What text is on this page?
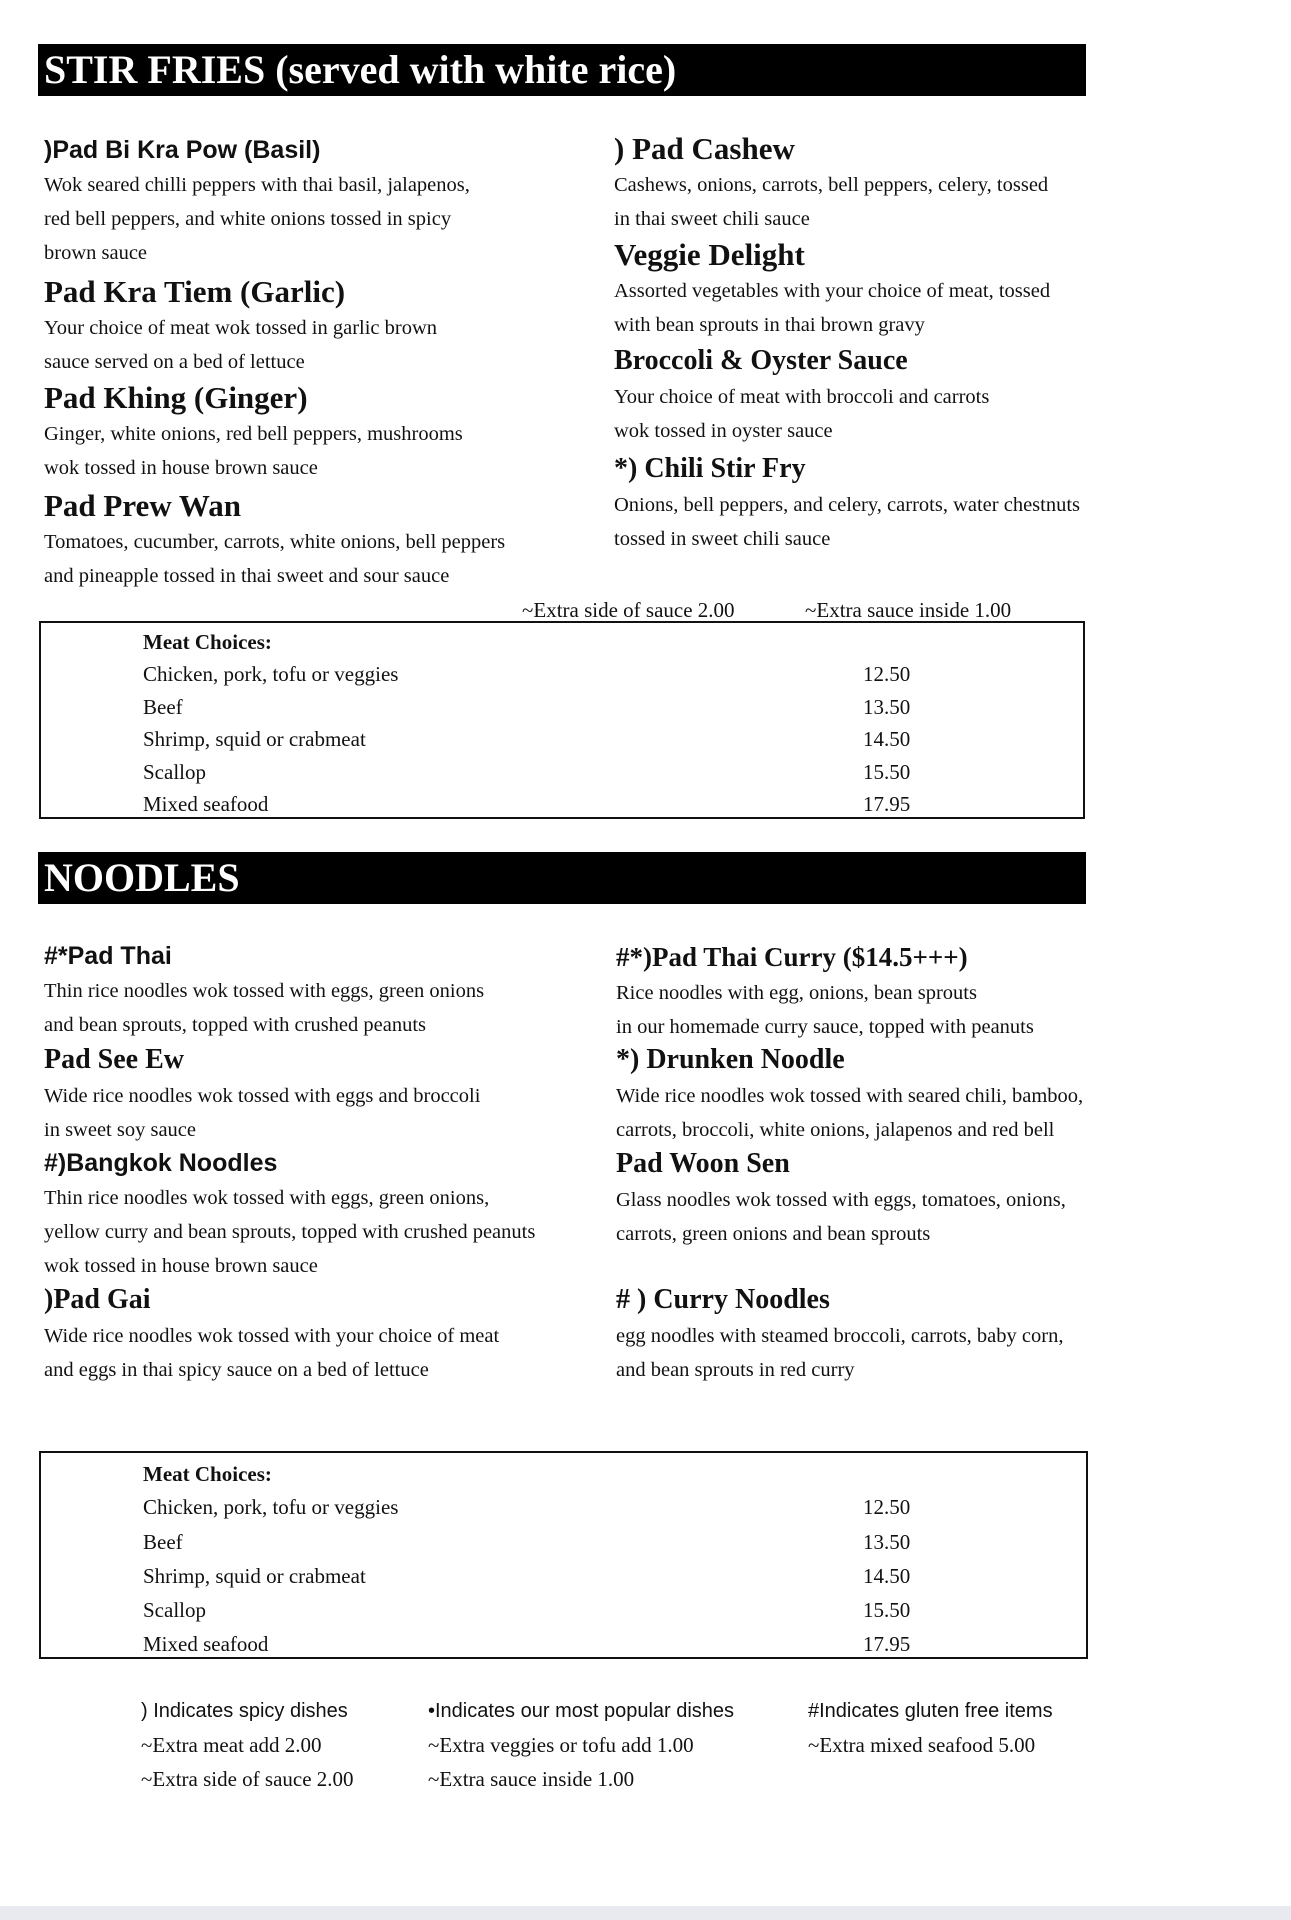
STIR FRIES (served with white rice)
)Pad Bi Kra Pow (Basil)
Wok seared chilli peppers with thai basil, jalapenos,
red bell peppers, and white onions tossed in spicy
brown sauce
Pad Kra Tiem (Garlic)
Your choice of meat wok tossed in garlic brown
sauce served on a bed of lettuce
Pad Khing (Ginger)
Ginger, white onions, red bell peppers, mushrooms
wok tossed in house brown sauce
Pad Prew Wan
Tomatoes, cucumber, carrots, white onions, bell peppers
and pineapple tossed in thai sweet and sour sauce
) Pad Cashew
Cashews, onions, carrots, bell peppers, celery, tossed
in thai sweet chili sauce
Veggie Delight
Assorted vegetables with your choice of meat, tossed
with bean sprouts in thai brown gravy
Broccoli & Oyster Sauce
Your choice of meat with broccoli and carrots
wok tossed in oyster sauce
*) Chili Stir Fry
Onions, bell peppers, and celery, carrots, water chestnuts
tossed in sweet chili sauce
~Extra side of sauce 2.00	~Extra sauce inside 1.00
Meat Choices:
Chicken, pork, tofu or veggies	12.50
Beef	13.50
Shrimp, squid or crabmeat	14.50
Scallop	15.50
Mixed seafood	17.95
NOODLES
#*Pad Thai
Thin rice noodles wok tossed with eggs, green onions
and bean sprouts, topped with crushed peanuts
Pad See Ew
Wide rice noodles wok tossed with eggs and broccoli
in sweet soy sauce
#)Bangkok Noodles
Thin rice noodles wok tossed with eggs, green onions,
yellow curry and bean sprouts, topped with crushed peanuts
wok tossed in house brown sauce
)Pad Gai
Wide rice noodles wok tossed with your choice of meat
and eggs in thai spicy sauce on a bed of lettuce
#*)Pad Thai Curry ($14.5+++)
Rice noodles with egg, onions, bean sprouts
in our homemade curry sauce, topped with peanuts
*) Drunken Noodle
Wide rice noodles wok tossed with seared chili, bamboo,
carrots, broccoli, white onions, jalapenos and red bell
Pad Woon Sen
Glass noodles wok tossed with eggs, tomatoes, onions,
carrots, green onions and bean sprouts
# ) Curry Noodles
egg noodles with steamed broccoli, carrots, baby corn,
and bean sprouts in red curry
Meat Choices:
Chicken, pork, tofu or veggies	12.50
Beef	13.50
Shrimp, squid or crabmeat	14.50
Scallop	15.50
Mixed seafood	17.95
) Indicates spicy dishes
~Extra meat add 2.00
~Extra side of sauce 2.00
•Indicates our most popular dishes
~Extra veggies or tofu add 1.00
~Extra sauce inside 1.00
#Indicates gluten free items
~Extra mixed seafood 5.00
